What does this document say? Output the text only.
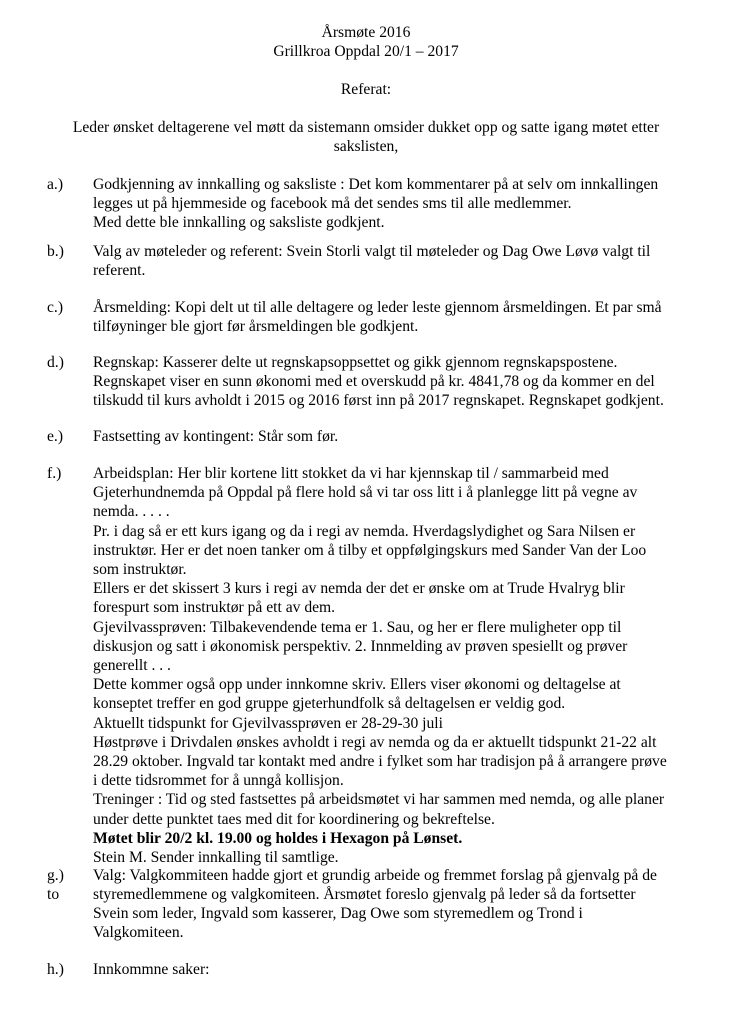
Årsmøte 2016
Grillkroa Oppdal 20/1 – 2017
Referat:
Leder ønsket deltagerene vel møtt da sistemann omsider dukket opp og satte igang møtet etter
sakslisten,
a.) Godkjenning av innkalling og saksliste : Det kom kommentarer på at selv om innkallingen
legges ut på hjemmeside og facebook må det sendes sms til alle medlemmer.
Med dette ble innkalling og saksliste godkjent.
b.) Valg av møteleder og referent: Svein Storli valgt til møteleder og Dag Owe Løvø valgt til
referent.
c.) Årsmelding: Kopi delt ut til alle deltagere og leder leste gjennom årsmeldingen. Et par små
tilføyninger ble gjort før årsmeldingen ble godkjent.
d.) Regnskap: Kasserer delte ut regnskapsoppsettet og gikk gjennom regnskapspostene.
Regnskapet viser en sunn økonomi med et overskudd på kr. 4841,78 og da kommer en del
tilskudd til kurs avholdt i 2015 og 2016 først inn på 2017 regnskapet. Regnskapet godkjent.
e.) Fastsetting av kontingent: Står som før.
f.) Arbeidsplan: Her blir kortene litt stokket da vi har kjennskap til / sammarbeid med
Gjeterhundnemda på Oppdal på flere hold så vi tar oss litt i å planlegge litt på vegne av
nemda. . . . .
Pr. i dag så er ett kurs igang og da i regi av nemda. Hverdagslydighet og Sara Nilsen er
instruktør. Her er det noen tanker om å tilby et oppfølgingskurs med Sander Van der Loo
som instruktør.
Ellers er det skissert 3 kurs i regi av nemda der det er ønske om at Trude Hvalryg blir
forespurt som instruktør på ett av dem.
Gjevilvassprøven: Tilbakevendende tema er 1. Sau, og her er flere muligheter opp til
diskusjon og satt i økonomisk perspektiv. 2. Innmelding av prøven spesiellt og prøver
generellt . . .
Dette kommer også opp under innkomne skriv. Ellers viser økonomi og deltagelse at
konseptet treffer en god gruppe gjeterhundfolk så deltagelsen er veldig god.
Aktuellt tidspunkt for Gjevilvassprøven er 28-29-30 juli
Høstprøve i Drivdalen ønskes avholdt i regi av nemda og da er aktuellt tidspunkt 21-22 alt
28.29 oktober. Ingvald tar kontakt med andre i fylket som har tradisjon på å arrangere prøve
i dette tidsrommet for å unngå kollisjon.
Treninger : Tid og sted fastsettes på arbeidsmøtet vi har sammen med nemda, og alle planer
under dette punktet taes med dit for koordinering og bekreftelse.
Møtet blir 20/2 kl. 19.00 og holdes i Hexagon på Lønset.
Stein M. Sender innkalling til samtlige.
g.)
to
Valg: Valgkommiteen hadde gjort et grundig arbeide og fremmet forslag på gjenvalg på de
styremedlemmene og valgkomiteen. Årsmøtet foreslo gjenvalg på leder så da fortsetter
Svein som leder, Ingvald som kasserer, Dag Owe som styremedlem og Trond i
Valgkomiteen.
h.) Innkommne saker:
